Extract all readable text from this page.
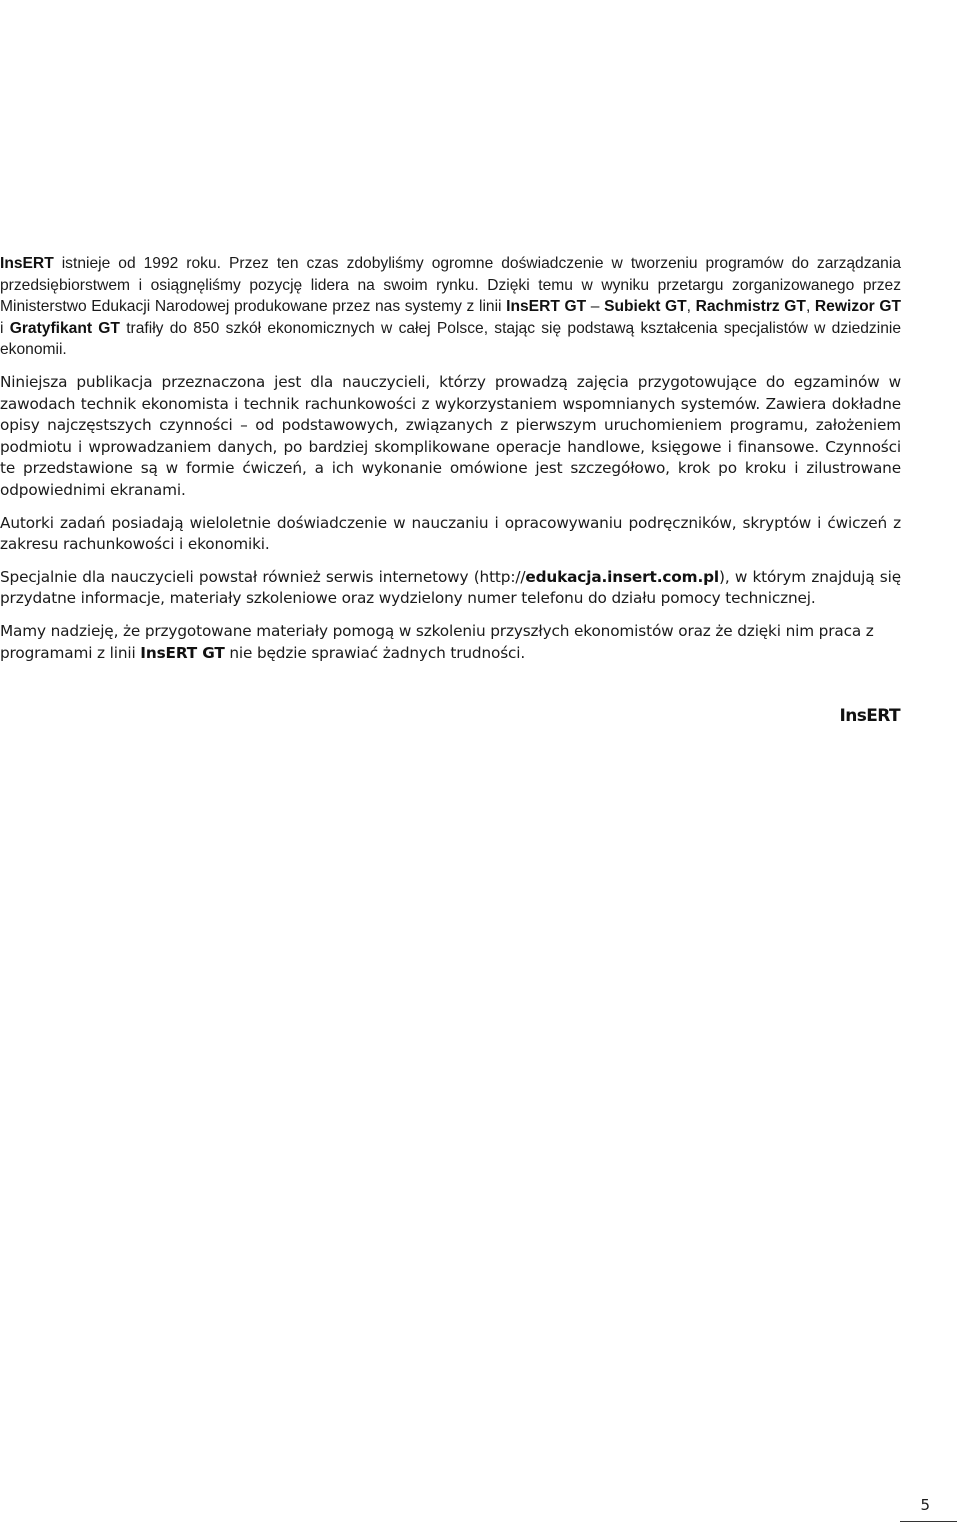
InsERT istnieje od 1992 roku. Przez ten czas zdobyliśmy ogromne doświadczenie w tworzeniu programów do zarządzania przedsiębiorstwem i osiągnęliśmy pozycję lidera na swoim rynku. Dzięki temu w wyniku przetargu zorganizowanego przez Ministerstwo Edukacji Narodowej produkowane przez nas systemy z linii InsERT GT – Subiekt GT, Rachmistrz GT, Rewizor GT i Gratyfikant GT trafiły do 850 szkół ekonomicznych w całej Polsce, stając się podstawą kształcenia specjalistów w dziedzinie ekonomii.

Niniejsza publikacja przeznaczona jest dla nauczycieli, którzy prowadzą zajęcia przygotowujące do egzaminów w zawodach technik ekonomista i technik rachunkowości z wykorzystaniem wspomnianych systemów. Zawiera dokładne opisy najczęstszych czynności – od podstawowych, związanych z pierwszym uruchomieniem programu, założeniem podmiotu i wprowadzaniem danych, po bardziej skomplikowane operacje handlowe, księgowe i finansowe. Czynności te przedstawione są w formie ćwiczeń, a ich wykonanie omówione jest szczegółowo, krok po kroku i zilustrowane odpowiednimi ekranami.

Autorki zadań posiadają wieloletnie doświadczenie w nauczaniu i opracowywaniu podręczników, skryptów i ćwiczeń z zakresu rachunkowości i ekonomiki.

Specjalnie dla nauczycieli powstał również serwis internetowy (http://edukacja.insert.com.pl), w którym znajdują się przydatne informacje, materiały szkoleniowe oraz wydzielony numer telefonu do działu pomocy technicznej.

Mamy nadzieję, że przygotowane materiały pomogą w szkoleniu przyszłych ekonomistów oraz że dzięki nim praca z programami z linii InsERT GT nie będzie sprawiać żadnych trudności.

InsERT
5
